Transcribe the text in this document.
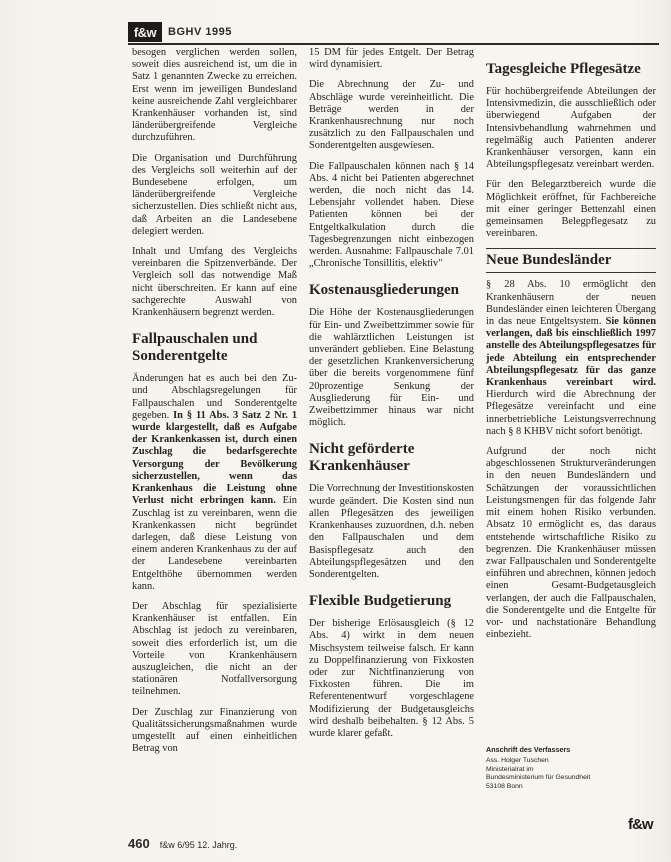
f&w	BGHV 1995

besogen verglichen werden sollen, soweit dies ausreichend ist, um die in Satz 1 genannten Zwecke zu erreichen. Erst wenn im jeweiligen Bundesland keine ausreichende Zahl vergleichbarer Krankenhäuser vorhanden ist, sind länderübergreifende Vergleiche durchzuführen.

Die Organisation und Durchführung des Vergleichs soll weiterhin auf der Bundesebene erfolgen, um länderübergreifende Vergleiche sicherzustellen. Dies schließt nicht aus, daß Arbeiten an die Landesebene delegiert werden.

Inhalt und Umfang des Vergleichs vereinbaren die Spitzenverbände. Der Vergleich soll das notwendige Maß nicht überschreiten. Er kann auf eine sachgerechte Auswahl von Krankenhäusern begrenzt werden.

Fallpauschalen und Sonderentgelte

Änderungen hat es auch bei den Zu- und Abschlagsregelungen für Fallpauschalen und Sonderentgelte gegeben. In § 11 Abs. 3 Satz 2 Nr. 1 wurde klargestellt, daß es Aufgabe der Krankenkassen ist, durch einen Zuschlag die bedarfsgerechte Versorgung der Bevölkerung sicherzustellen, wenn das Krankenhaus die Leistung ohne Verlust nicht erbringen kann. Ein Zuschlag ist zu vereinbaren, wenn die Krankenkassen nicht begründet darlegen, daß diese Leistung von einem anderen Krankenhaus zu der auf der Landesebene vereinbarten Entgelthöhe übernommen werden kann.

Der Abschlag für spezialisierte Krankenhäuser ist entfallen. Ein Abschlag ist jedoch zu vereinbaren, soweit dies erforderlich ist, um die Vorteile von Krankenhäusern auszugleichen, die nicht an der stationären Notfallversorgung teilnehmen.

Der Zuschlag zur Finanzierung von Qualitätssicherungsmaßnahmen wurde umgestellt auf einen einheitlichen Betrag von

15 DM für jedes Entgelt. Der Betrag wird dynamisiert.

Die Abrechnung der Zu- und Abschläge wurde vereinheitlicht. Die Beträge werden in der Krankenhausrechnung nur noch zusätzlich zu den Fallpauschalen und Sonderentgelten ausgewiesen.

Die Fallpauschalen können nach § 14 Abs. 4 nicht bei Patienten abgerechnet werden, die noch nicht das 14. Lebensjahr vollendet haben. Diese Patienten können bei der Entgeltkalkulation durch die Tagesbegrenzungen nicht einbezogen werden. Ausnahme: Fallpauschale 7.01 „Chronische Tonsillitis, elektiv"

Kostenausgliederungen

Die Höhe der Kostenausgliederungen für Ein- und Zweibettzimmer sowie für die wahlärztlichen Leistungen ist unverändert geblieben. Eine Belastung der gesetzlichen Krankenversicherung über die bereits vorgenommene fünf 20prozentige Senkung der Ausgliederung für Ein- und Zweibettzimmer hinaus war nicht möglich.

Nicht geförderte Krankenhäuser

Die Vorrechnung der Investitionskosten wurde geändert. Die Kosten sind nun allen Pflegesätzen des jeweiligen Krankenhauses zuzuordnen, d.h. neben den Fallpauschalen und dem Basispflegesatz auch den Abteilungspflegesätzen und den Sonderentgelten.

Flexible Budgetierung

Der bisherige Erlösausgleich (§ 12 Abs. 4) wirkt in dem neuen Mischsystem teilweise falsch. Er kann zu Doppelfinanzierung von Fixkosten oder zur Nichtfinanzierung von Fixkosten führen. Die im Referentenentwurf vorgeschlagene Modifizierung der Budgetausgleichs wird deshalb beibehalten. § 12 Abs. 5 wurde klarer gefaßt.

Tagesgleiche Pflegesätze

Für hochübergreifende Abteilungen der Intensivmedizin, die ausschließlich oder überwiegend Aufgaben der Intensivbehandlung wahrnehmen und regelmäßig auch Patienten anderer Krankenhäuser versorgen, kann ein Abteilungspflegesatz vereinbart werden.

Für den Belegarztbereich wurde die Möglichkeit eröffnet, für Fachbereiche mit einer geringer Bettenzahl einen gemeinsamen Belegpflegesatz zu vereinbaren.

Neue Bundesländer

§ 28 Abs. 10 ermöglicht den Krankenhäusern der neuen Bundesländer einen leichteren Übergang in das neue Entgeltsystem. Sie können verlangen, daß bis einschließlich 1997 anstelle des Abteilungspflegesatzes für jede Abteilung ein entsprechender Abteilungspflegesatz für das ganze Krankenhaus vereinbart wird. Hierdurch wird die Abrechnung der Pflegesätze vereinfacht und eine innerbetriebliche Leistungsverrechnung nach § 8 KHBV nicht sofort benötigt.

Aufgrund der noch nicht abgeschlossenen Strukturveränderungen in den neuen Bundesländern und Schätzungen der voraussichtlichen Leistungsmengen für das folgende Jahr mit einem hohen Risiko verbunden. Absatz 10 ermöglicht es, das daraus entstehende wirtschaftliche Risiko zu begrenzen. Die Krankenhäuser müssen zwar Fallpauschalen und Sonderentgelte einführen und abrechnen, können jedoch einen Gesamt-Budgetausgleich verlangen, der auch die Fallpauschalen, die Sonderentgelte und die Entgelte für vor- und nachstationäre Behandlung einbezieht.

Anschrift des Verfassers
Ass. Holger Tuschen
Ministerialrat im
Bundesministerium für Gesundheit
53108 Bonn
f&w
460 f&w 6/95 12. Jahrg.
